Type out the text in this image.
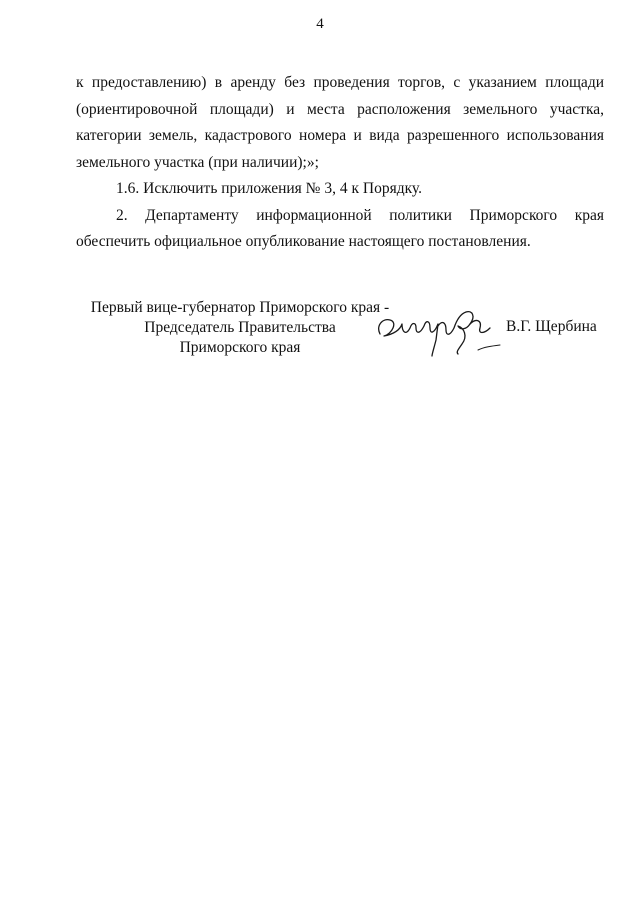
4

к предоставлению) в аренду без проведения торгов, с указанием площади (ориентировочной площади) и места расположения земельного участка, категории земель, кадастрового номера и вида разрешенного использования земельного участка (при наличии);»;

1.6. Исключить приложения № 3, 4 к Порядку.

2. Департаменту информационной политики Приморского края обеспечить официальное опубликование настоящего постановления.

Первый вице-губернатор Приморского края -
Председатель Правительства
Приморского края
В.Г. Щербина
